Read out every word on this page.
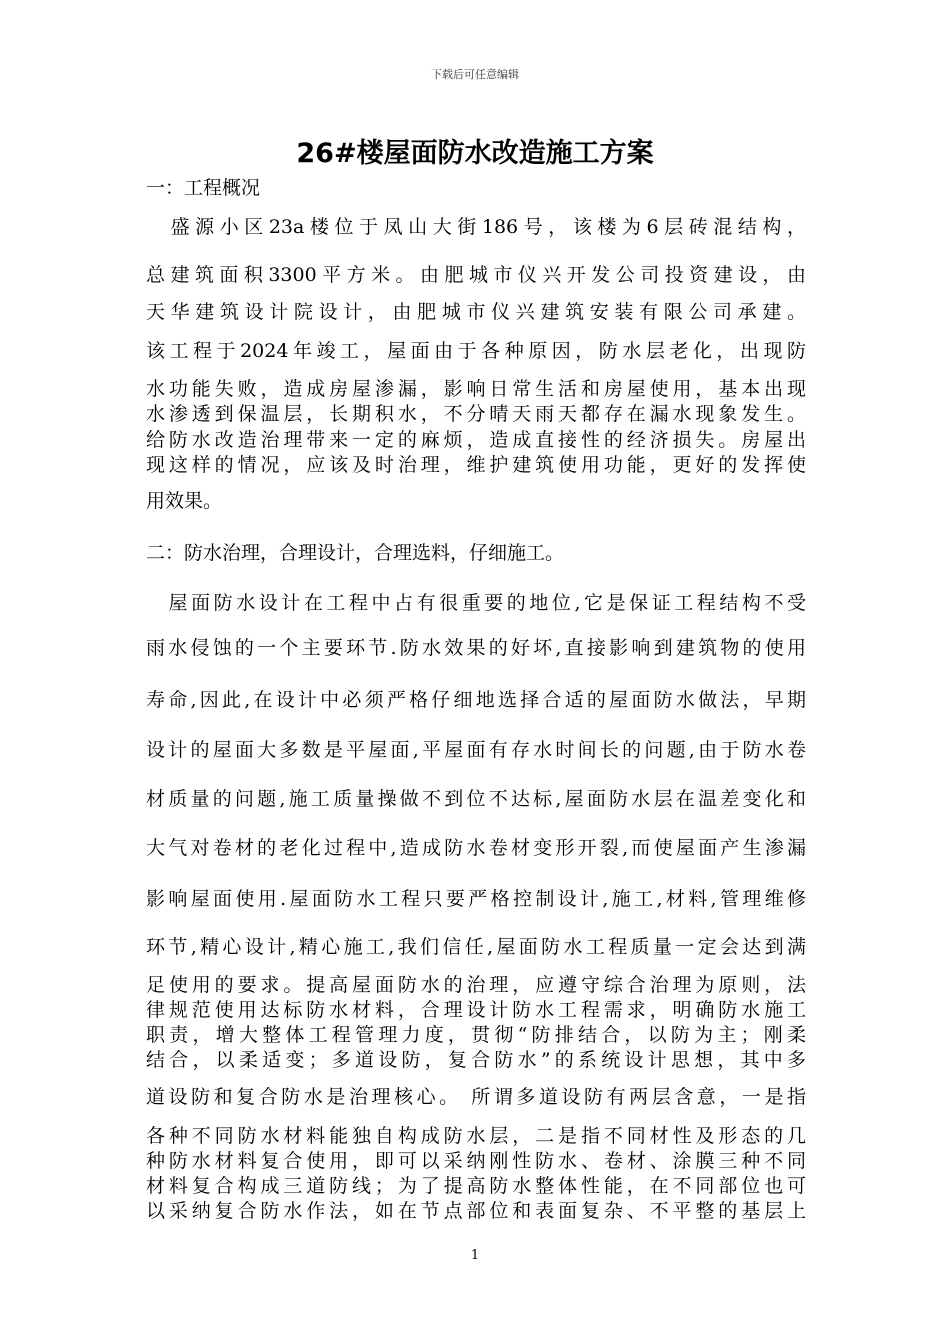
下载后可任意编辑
26#楼屋面防水改造施工方案
一：工程概况
　盛源小区23a楼位于凤山大街186号，该楼为6层砖混结构，
总建筑面积3300平方米。由肥城市仪兴开发公司投资建设，由
天华建筑设计院设计，由肥城市仪兴建筑安装有限公司承建。
该工程于2024年竣工，屋面由于各种原因，防水层老化，出现防
水功能失败，造成房屋渗漏，影响日常生活和房屋使用，基本出现
水渗透到保温层，长期积水，不分晴天雨天都存在漏水现象发生。
给防水改造治理带来一定的麻烦，造成直接性的经济损失。房屋出
现这样的情况，应该及时治理，维护建筑使用功能，更好的发挥使
用效果。
二：防水治理，合理设计，合理选料，仔细施工。
　屋面防水设计在工程中占有很重要的地位,它是保证工程结构不受
雨水侵蚀的一个主要环节.防水效果的好坏,直接影响到建筑物的使用
寿命,因此,在设计中必须严格仔细地选择合适的屋面防水做法，早期
设计的屋面大多数是平屋面,平屋面有存水时间长的问题,由于防水卷
材质量的问题,施工质量操做不到位不达标,屋面防水层在温差变化和
大气对卷材的老化过程中,造成防水卷材变形开裂,而使屋面产生渗漏
影响屋面使用.屋面防水工程只要严格控制设计,施工,材料,管理维修
环节,精心设计,精心施工,我们信任,屋面防水工程质量一定会达到满
足使用的要求。提高屋面防水的治理，应遵守综合治理为原则，法
律规范使用达标防水材料，合理设计防水工程需求，明确防水施工
职责，增大整体工程管理力度，贯彻“防排结合，以防为主；刚柔
结合，以柔适变；多道设防，复合防水”的系统设计思想，其中多
道设防和复合防水是治理核心。 所谓多道设防有两层含意，一是指
各种不同防水材料能独自构成防水层，二是指不同材性及形态的几
种防水材料复合使用，即可以采纳刚性防水、卷材、涂膜三种不同
材料复合构成三道防线；为了提高防水整体性能，在不同部位也可
以采纳复合防水作法，如在节点部位和表面复杂、不平整的基层上
1
